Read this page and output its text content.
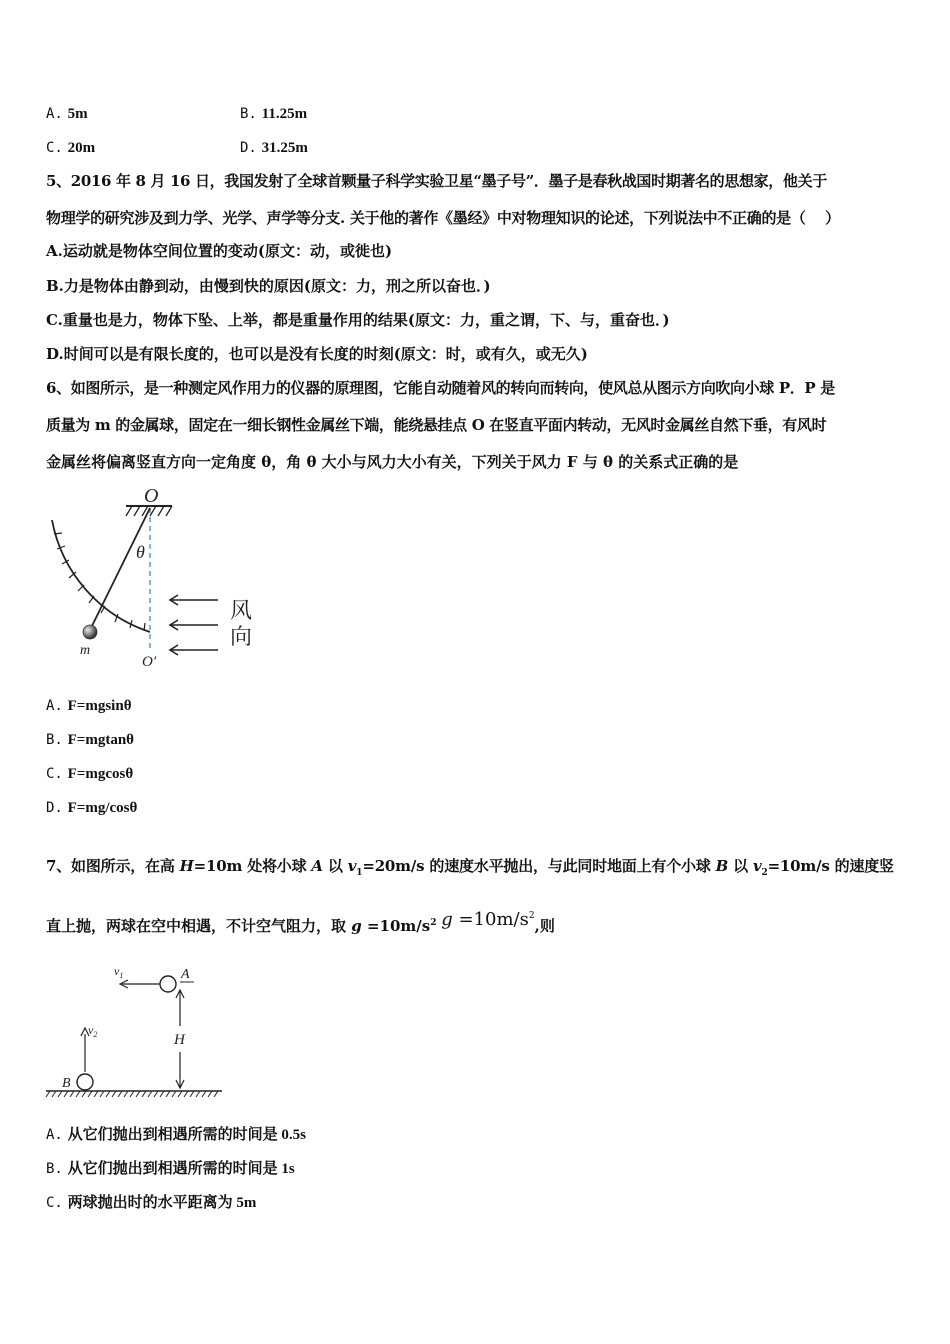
A. 5m	B. 11.25m
C. 20m	D. 31.25m
5、2016 年 8 月 16 日，我国发射了全球首颗量子科学实验卫星“墨子号”．墨子是春秋战国时期著名的思想家，他关于
物理学的研究涉及到力学、光学、声学等分支. 关于他的著作《墨经》中对物理知识的论述，下列说法中不正确的是（　 ）
A.运动就是物体空间位置的变动(原文：动，或徙也)
B.力是物体由静到动，由慢到快的原因(原文：力，刑之所以奋也．)
C.重量也是力，物体下坠、上举，都是重量作用的结果(原文：力，重之谓，下、与，重奋也．)
D.时间可以是有限长度的，也可以是没有长度的时刻(原文：时，或有久，或无久)
6、如图所示，是一种测定风作用力的仪器的原理图，它能自动随着风的转向而转向，使风总从图示方向吹向小球 P．P 是
质量为 m 的金属球，固定在一细长钢性金属丝下端，能绕悬挂点 O 在竖直平面内转动，无风时金属丝自然下垂，有风时
金属丝将偏离竖直方向一定角度 θ，角 θ 大小与风力大小有关，下列关于风力 F 与 θ 的关系式正确的是
O
θ
m
O′
风
向
A. F=mgsinθ
B. F=mgtanθ
C. F=mgcosθ
D. F=mg/cosθ
7、如图所示，在高 H=10m 处将小球 A 以 $v_1=20m/s$ 的速度水平抛出，与此同时地面上有个小球 B 以 $v_2=10m/s$ 的速度竖
直上抛，两球在空中相遇，不计空气阻力，取 $g =10m/s^2$ $g =10m/s^2$,则
$v_1$	A
H
$v_2$
B
A. 从它们抛出到相遇所需的时间是 0.5s
B. 从它们抛出到相遇所需的时间是 1s
C. 两球抛出时的水平距离为 5m
